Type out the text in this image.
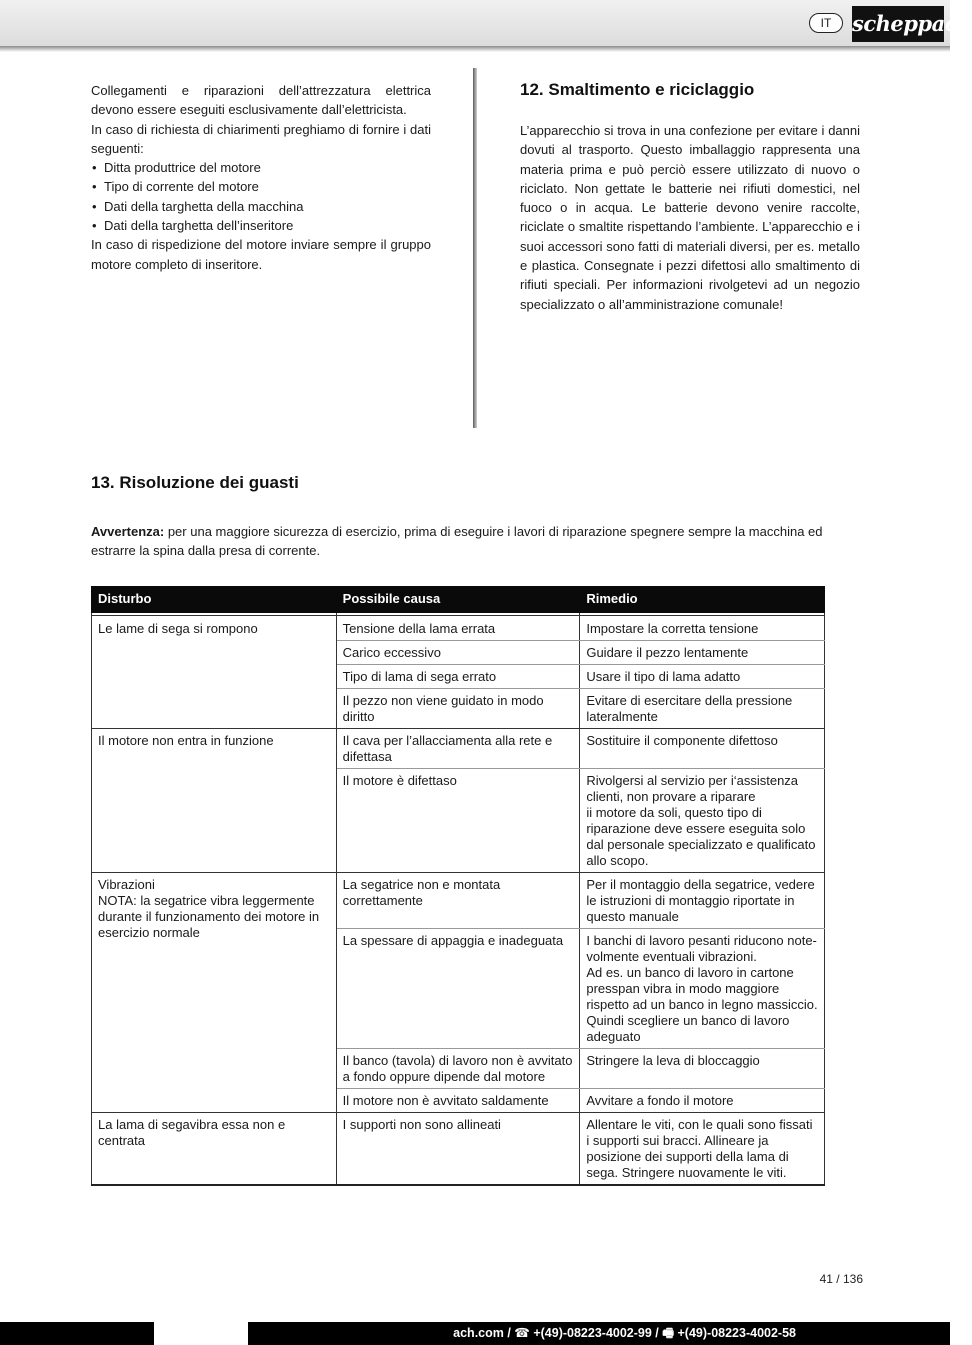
IT scheppach

Collegamenti e riparazioni dell’attrezzatura elettrica devono essere eseguiti esclusivamente dall’elettricista.

In caso di richiesta di chiarimenti preghiamo di fornire i dati seguenti:

• Ditta produttrice del motore
• Tipo di corrente del motore
• Dati della targhetta della macchina
• Dati della targhetta dell’inseritore

In caso di rispedizione del motore inviare sempre il gruppo motore completo di inseritore.

12. Smaltimento e riciclaggio

L’apparecchio si trova in una confezione per evitare i danni dovuti al trasporto. Questo imballaggio rappresenta una materia prima e può perciò essere utilizzato di nuovo o riciclato. Non gettate le batterie nei rifiuti domestici, nel fuoco o in acqua. Le batterie devono venire raccolte, riciclate o smaltite rispettando l’ambiente. L’apparecchio e i suoi accessori sono fatti di materiali diversi, per es. metallo e plastica. Consegnate i pezzi difettosi allo smaltimento di rifiuti speciali. Per informazioni rivolgetevi ad un negozio specializzato o all’amministrazione comunale!

13. Risoluzione dei guasti
Avvertenza: per una maggiore sicurezza di esercizio, prima di eseguire i lavori di riparazione spegnere sempre la macchina ed estrarre la spina dalla presa di corrente.
Disturbo	Possibile causa	Rimedio

Le lame di sega si rompono	Tensione della lama errata	Impostare la corretta tensione
	Carico eccessivo	Guidare il pezzo lentamente
	Tipo di lama di sega errato	Usare il tipo di lama adatto
	Il pezzo non viene guidato in modo diritto	Evitare di esercitare della pressione lateralmente
Il motore non entra in funzione	Il cava per l’allacciamenta alla rete e difettasa	Sostituire il componente difettoso
	Il motore è difettaso	Rivolgersi al servizio per i‘assistenza clienti, non provare a riparare
ii motore da soli, questo tipo di riparazione deve essere eseguita solo dal personale specializzato e qualificato allo scopo.
Vibrazioni
NOTA: la segatrice vibra leggermente durante il funzionamento dei motore in esercizio normale	La segatrice non e montata correttamente	Per il montaggio della segatrice, vedere le istruzioni di montaggio riportate in questo manuale
	La spessare di appaggia e inadeguata	I banchi di lavoro pesanti riducono note-volmente eventuali vibrazioni.
Ad es. un banco di lavoro in cartone presspan vibra in modo maggiore rispetto ad un banco in legno massiccio. Quindi scegliere un banco di lavoro adeguato
	Il banco (tavola) di lavoro non è avvitato a fondo oppure dipende dal motore	Stringere la leva di bloccaggio
	Il motore non è avvitato saldamente	Avvitare a fondo il motore
La lama di segavibra essa non e centrata	I supporti non sono allineati	Allentare le viti, con le quali sono fissati i supporti sui bracci. Allineare ja posizione dei supporti della lama di sega. Stringere nuovamente le viti.
41 / 136
ach.com / ☎ +(49)-08223-4002-99 / 🖷 +(49)-08223-4002-58
